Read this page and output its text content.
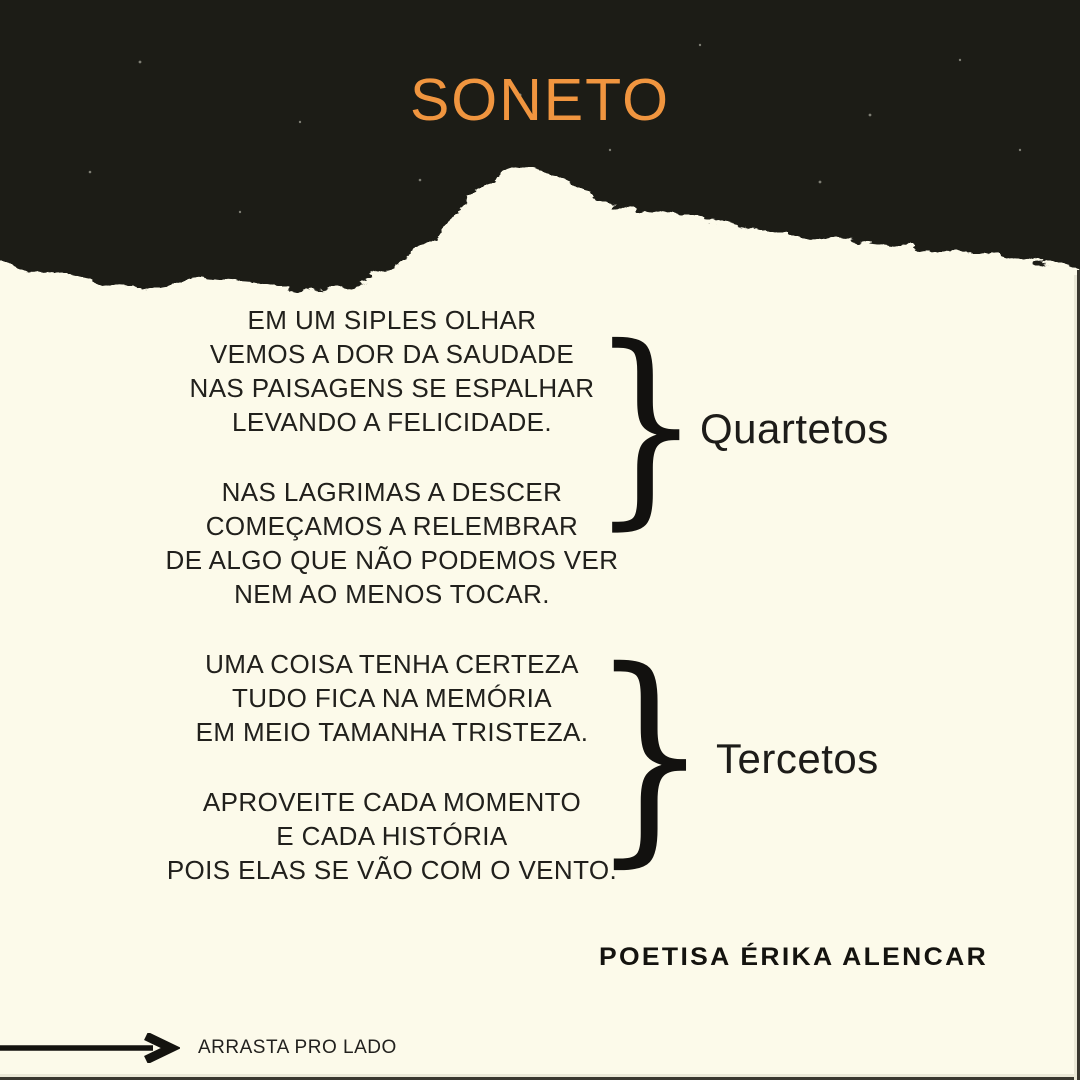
SONETO
EM UM SIPLES OLHAR
VEMOS A DOR DA SAUDADE
NAS PAISAGENS SE ESPALHAR
LEVANDO A FELICIDADE.
NAS LAGRIMAS A DESCER
COMEÇAMOS A RELEMBRAR
DE ALGO QUE NÃO PODEMOS VER
NEM AO MENOS TOCAR.
UMA COISA TENHA CERTEZA
TUDO FICA NA MEMÓRIA
EM MEIO TAMANHA TRISTEZA.
APROVEITE CADA MOMENTO
E CADA HISTÓRIA
POIS ELAS SE VÃO COM O VENTO.
}
Quartetos
} Tercetos
POETISA ÉRIKA ALENCAR
ARRASTA PRO LADO
